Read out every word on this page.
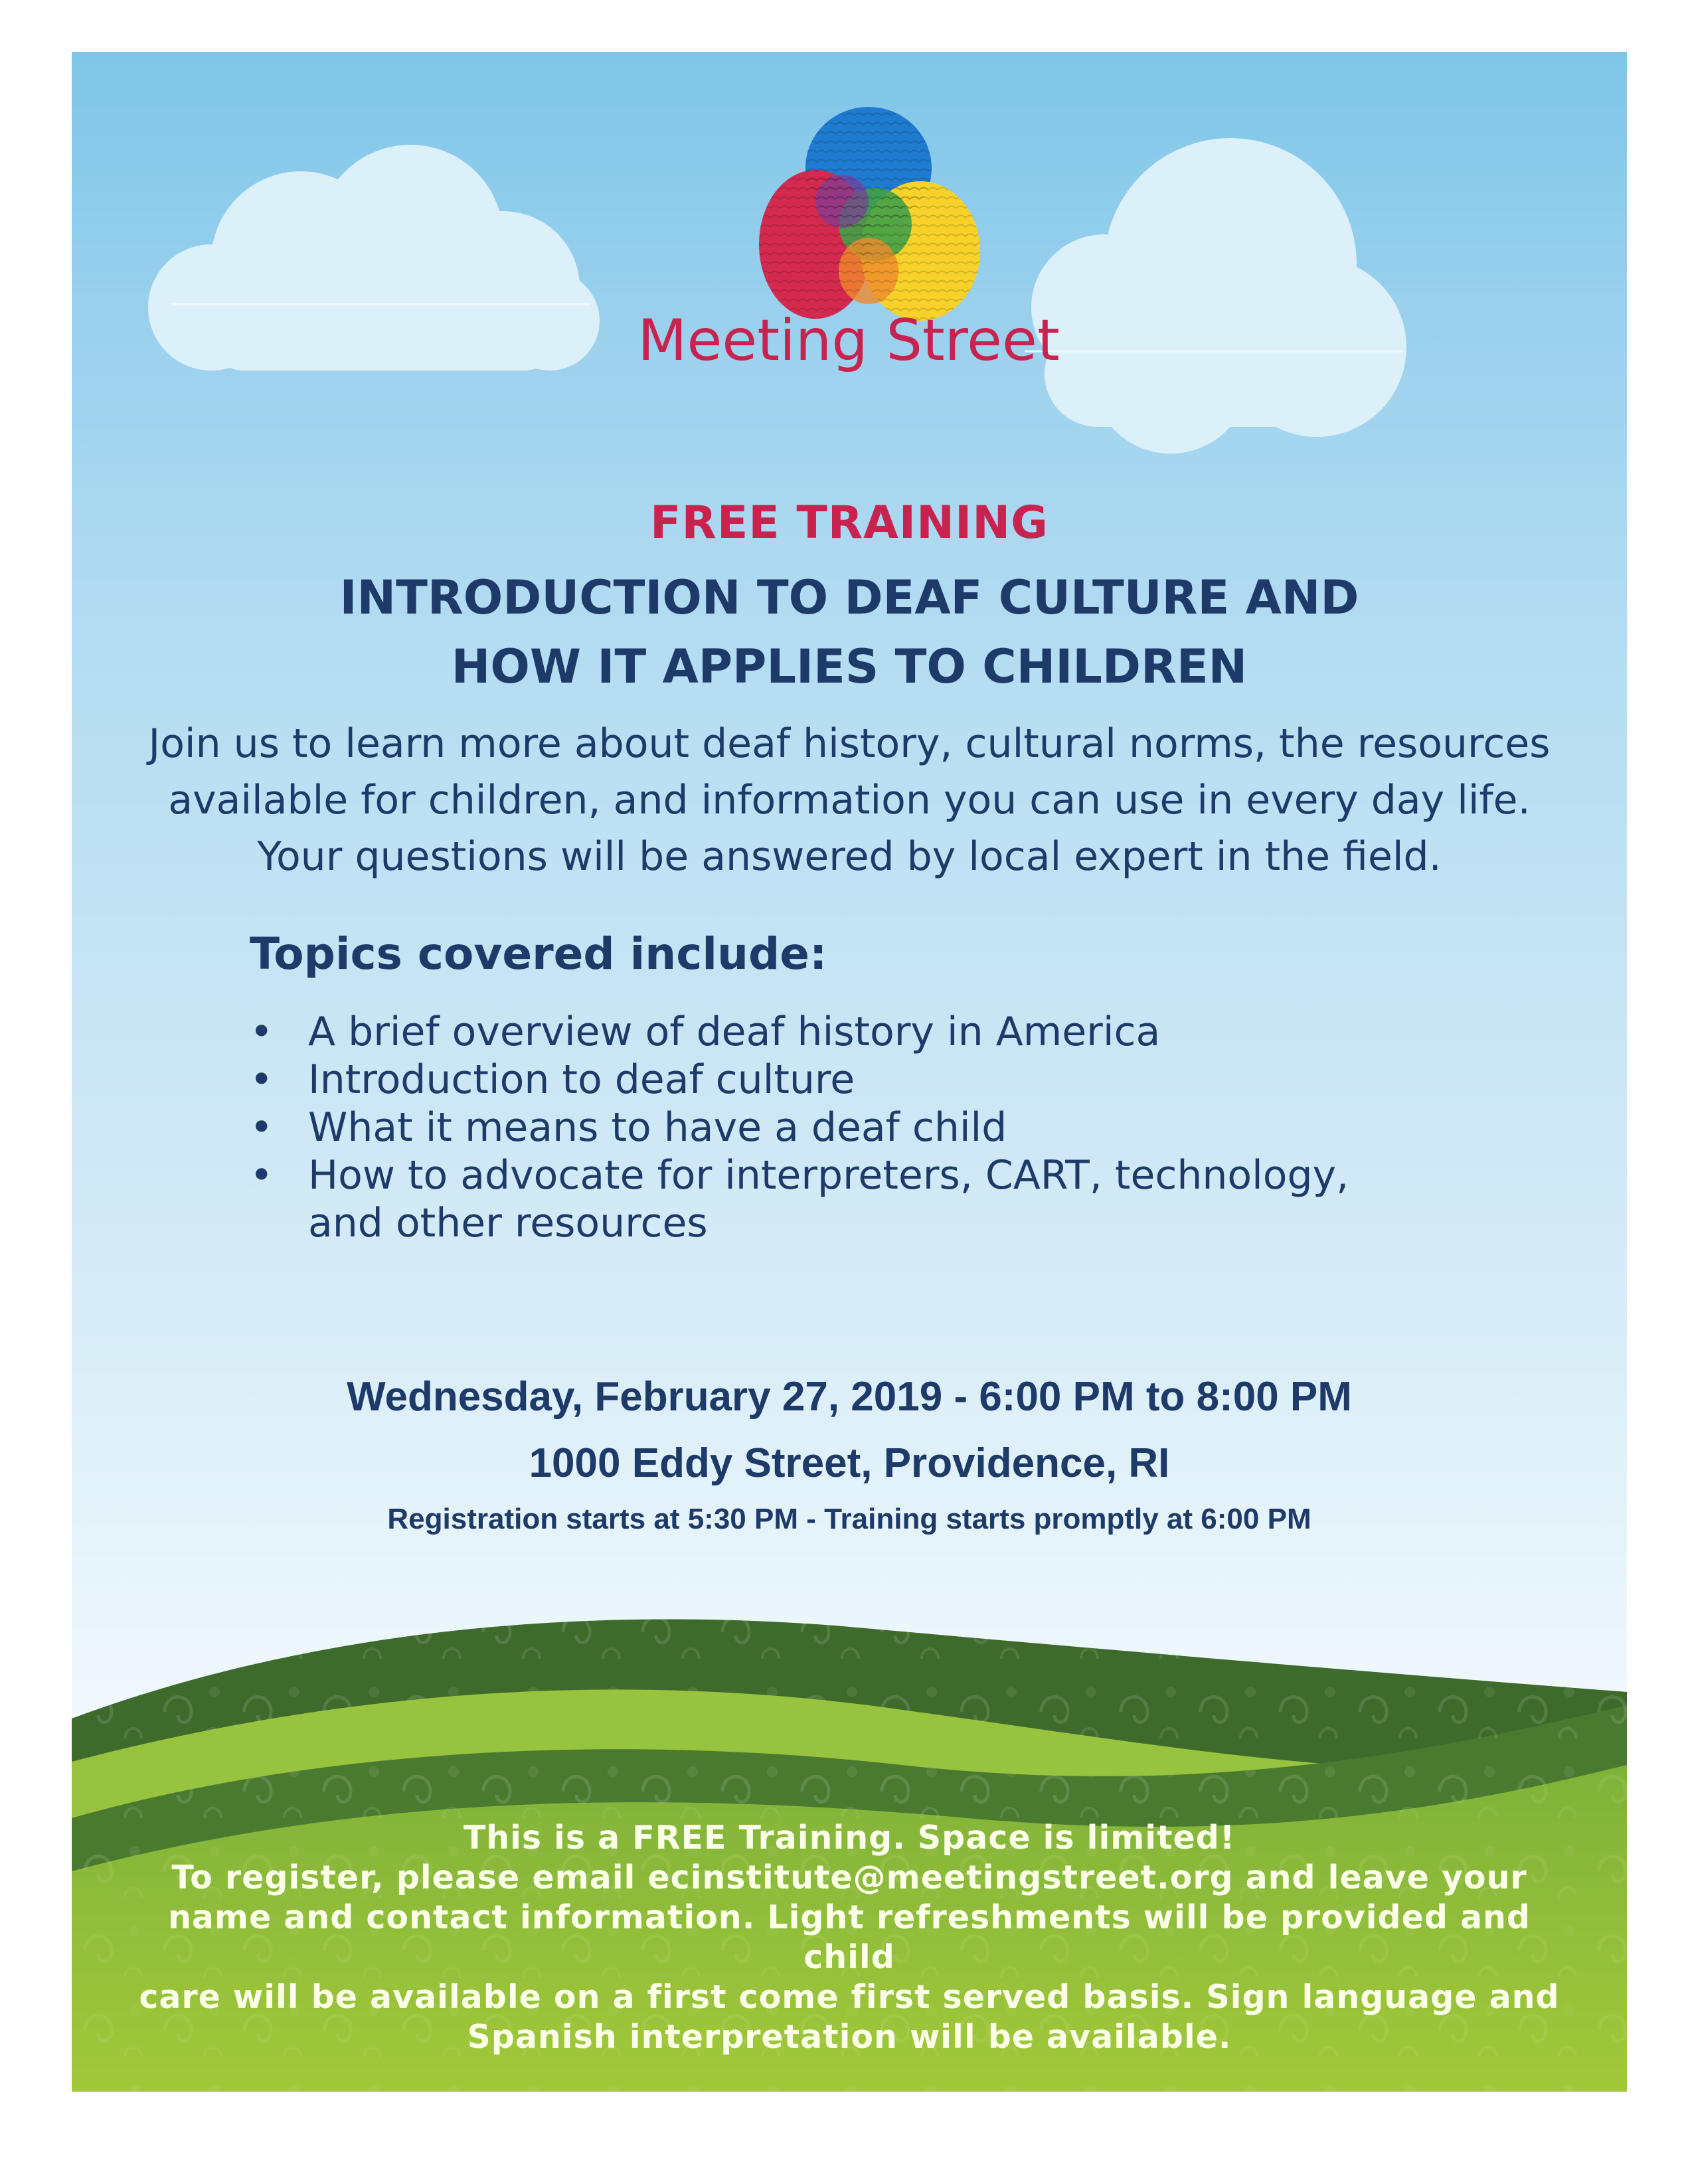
Meeting Street
FREE TRAINING
INTRODUCTION TO DEAF CULTURE AND
HOW IT APPLIES TO CHILDREN

Join us to learn more about deaf history, cultural norms, the resources
available for children, and information you can use in every day life.
Your questions will be answered by local expert in the field.

Topics covered include:
• A brief overview of deaf history in America
• Introduction to deaf culture
• What it means to have a deaf child
• How to advocate for interpreters, CART, technology,
and other resources

Wednesday, February 27, 2019 - 6:00 PM to 8:00 PM

1000 Eddy Street, Providence, RI

Registration starts at 5:30 PM - Training starts promptly at 6:00 PM

This is a FREE Training. Space is limited!
To register, please email ecinstitute@meetingstreet.org and leave your
name and contact information. Light refreshments will be provided and child
care will be available on a first come first served basis. Sign language and
Spanish interpretation will be available.
